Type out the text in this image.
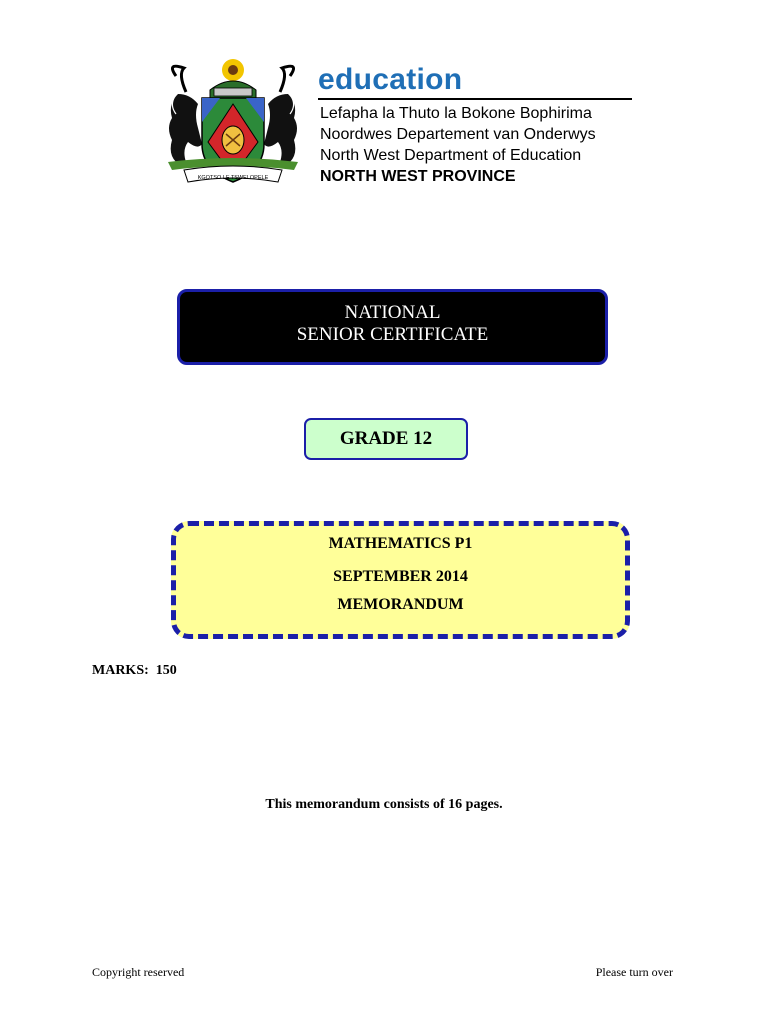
KGOTSO LE TSWELOPELE
education
Lefapha la Thuto la Bokone Bophirima
Noordwes Departement van Onderwys
North West Department of Education
NORTH WEST PROVINCE
NATIONAL
SENIOR CERTIFICATE
GRADE 12
MATHEMATICS P1
SEPTEMBER 2014
MEMORANDUM
MARKS:  150
This memorandum consists of 16 pages.
Copyright reserved	Please turn over
